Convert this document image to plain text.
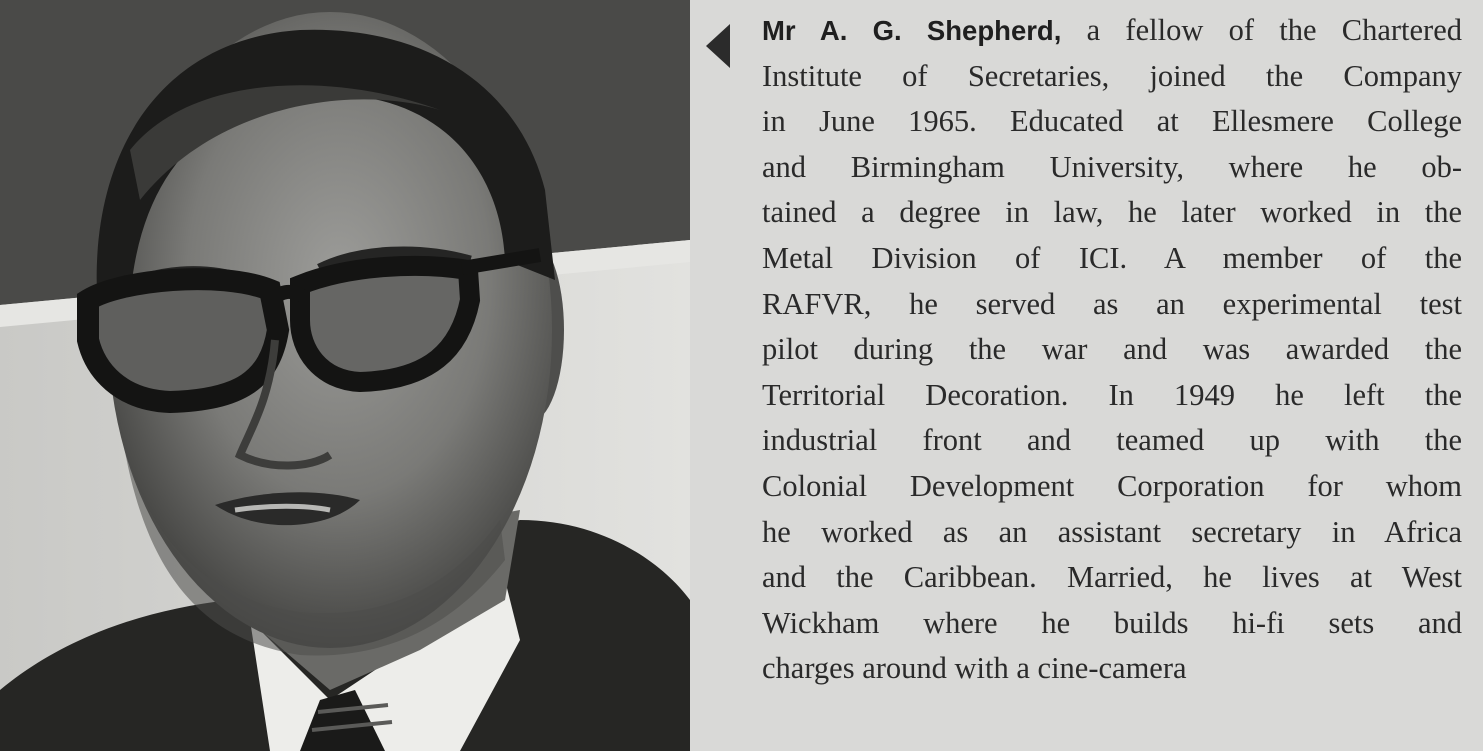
Mr A. G. Shepherd, a fellow of the Chartered
Institute of Secretaries, joined the Company
in June 1965. Educated at Ellesmere College
and Birmingham University, where he ob-
tained a degree in law, he later worked in the
Metal Division of ICI. A member of the
RAFVR, he served as an experimental test
pilot during the war and was awarded the
Territorial Decoration. In 1949 he left the
industrial front and teamed up with the
Colonial Development Corporation for whom
he worked as an assistant secretary in Africa
and the Caribbean. Married, he lives at West
Wickham where he builds hi-fi sets and
charges around with a cine-camera
